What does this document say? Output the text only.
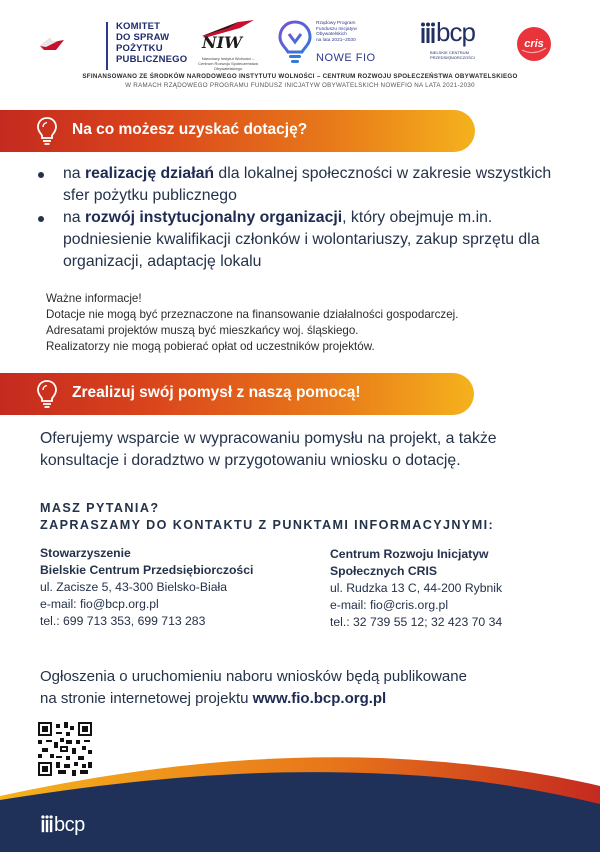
KOMITET
DO SPRAW
POŻYTKU
PUBLICZNEGO
NIW
Narodowy Instytut Wolności – Centrum Rozwoju Społeczeństwa Obywatelskiego
Rządowy Program
Funduszu Inicjatyw
Obywatelskich
na lata 2021–2030
NOWE FIO
bcp
BIELSKIE CENTRUM PRZEDSIĘBIORCZOŚCI
cris
SFINANSOWANO ZE ŚRODKÓW NARODOWEGO INSTYTUTU WOLNOŚCI – CENTRUM ROZWOJU SPOŁECZEŃSTWA OBYWATELSKIEGO
W RAMACH RZĄDOWEGO PROGRAMU FUNDUSZ INICJATYW OBYWATELSKICH NOWEFIO NA LATA 2021-2030
Na co możesz uzyskać dotację?
na realizację działań dla lokalnej społeczności w zakresie wszystkich sfer pożytku publicznego
na rozwój instytucjonalny organizacji, który obejmuje m.in. podniesienie kwalifikacji członków i wolontariuszy, zakup sprzętu dla organizacji, adaptację lokalu
Ważne informacje!
Dotacje nie mogą być przeznaczone na finansowanie działalności gospodarczej.
Adresatami projektów muszą być mieszkańcy woj. śląskiego.
Realizatorzy nie mogą pobierać opłat od uczestników projektów.
Zrealizuj swój pomysł z naszą pomocą!
Oferujemy wsparcie w wypracowaniu pomysłu na projekt, a także konsultacje i doradztwo w przygotowaniu wniosku o dotację.
MASZ PYTANIA?
ZAPRASZAMY DO KONTAKTU Z PUNKTAMI INFORMACYJNYMI:
Stowarzyszenie
Bielskie Centrum Przedsiębiorczości
ul. Zacisze 5, 43-300 Bielsko-Biała
e-mail: fio@bcp.org.pl
tel.: 699 713 353, 699 713 283
Centrum Rozwoju Inicjatyw
Społecznych CRIS
ul. Rudzka 13 C, 44-200 Rybnik
e-mail: fio@cris.org.pl
tel.: 32 739 55 12; 32 423 70 34
Ogłoszenia o uruchomieniu naboru wniosków będą publikowane
na stronie internetowej projektu www.fio.bcp.org.pl
bcp
